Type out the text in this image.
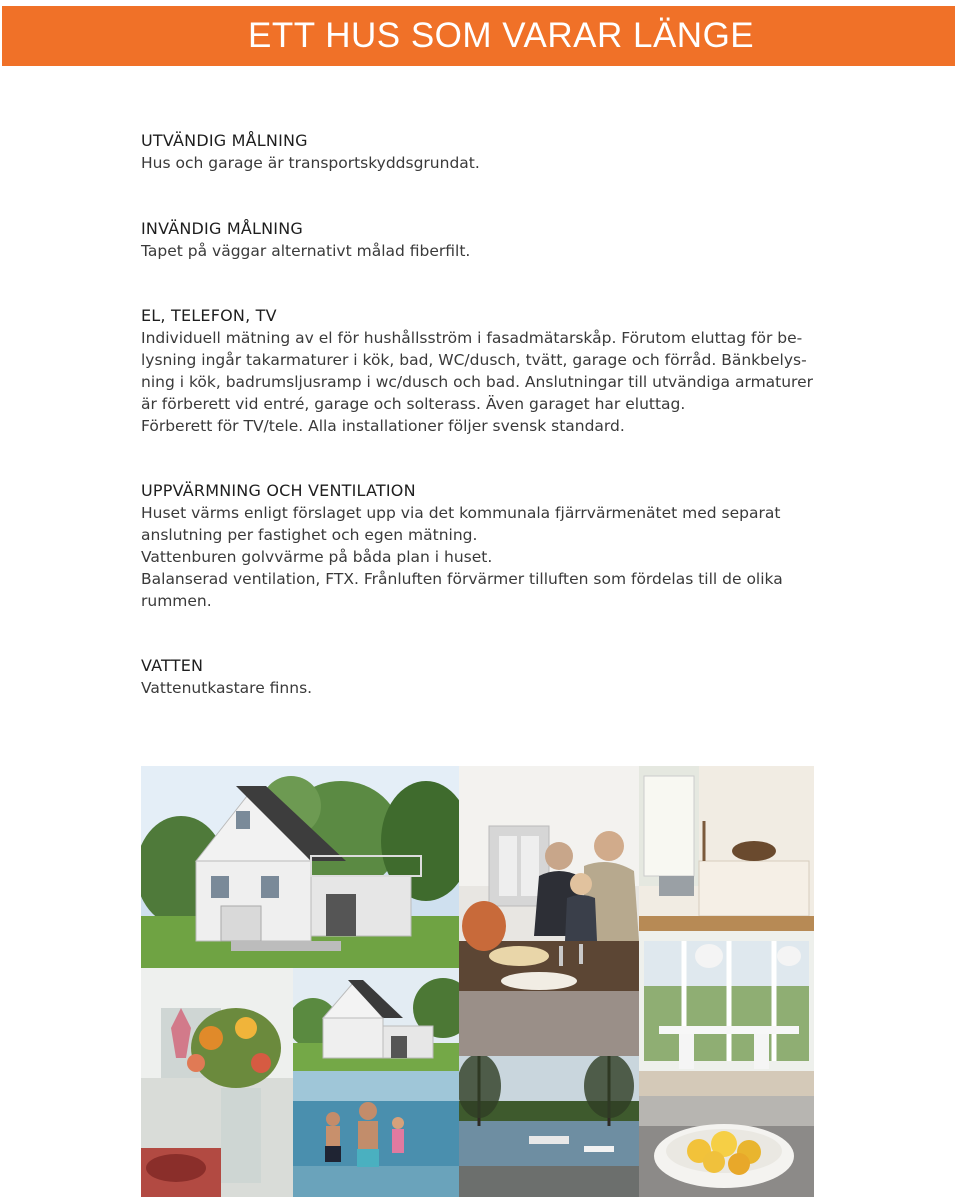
ETT HUS SOM VARAR LÄNGE
UTVÄNDIG MÅLNING

Hus och garage är transportskyddsgrundat.

INVÄNDIG MÅLNING

Tapet på väggar alternativt målad fiberfilt.

EL, TELEFON, TV

Individuell mätning av el för hushållsström i fasadmätarskåp. Förutom eluttag för be-

lysning ingår takarmaturer i kök, bad, WC/dusch, tvätt, garage och förråd. Bänkbelys-

ning i kök, badrumsljusramp i wc/dusch och bad. Anslutningar till utvändiga armaturer

är förberett vid entré, garage och solterass. Även garaget har eluttag.

Förberett för TV/tele. Alla installationer följer svensk standard.

UPPVÄRMNING OCH VENTILATION

Huset värms enligt förslaget upp via det kommunala fjärrvärmenätet med separat

anslutning per fastighet och egen mätning.

Vattenburen golvvärme på båda plan i huset.

Balanserad ventilation, FTX. Frånluften förvärmer tilluften som fördelas till de olika

rummen.

VATTEN

Vattenutkastare finns.
